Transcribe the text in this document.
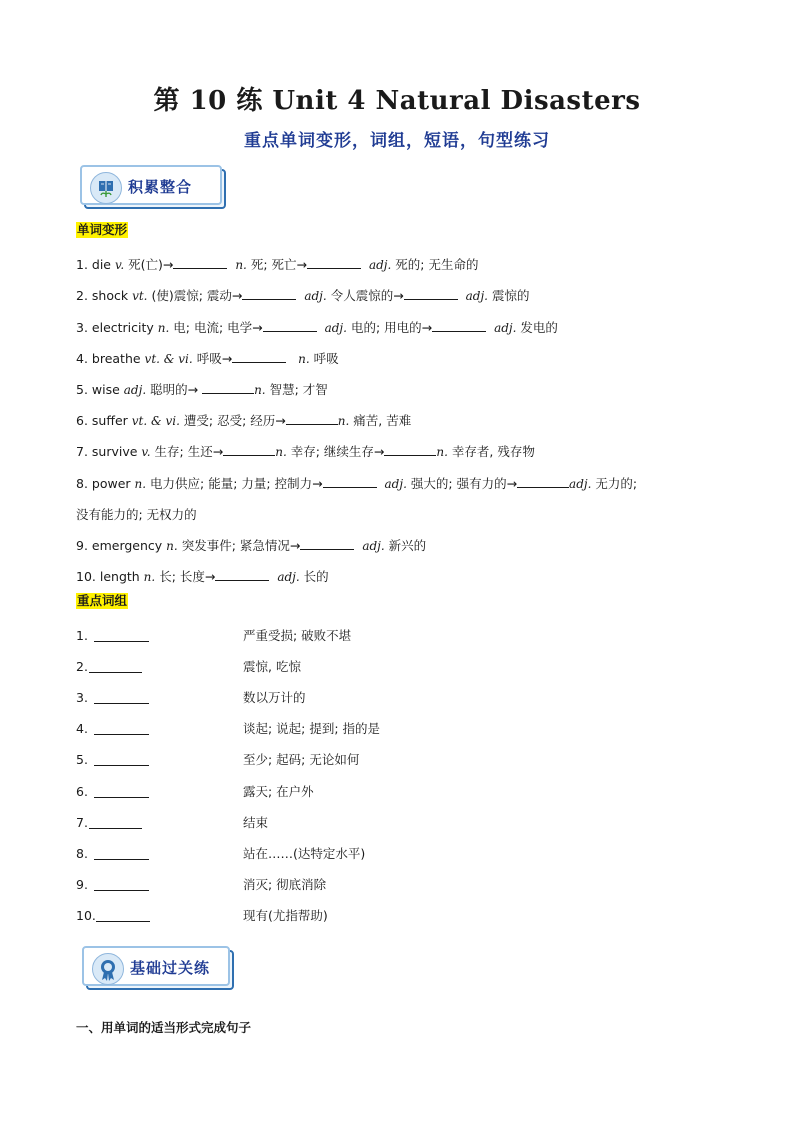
第 10 练 Unit 4 Natural Disasters
重点单词变形，词组，短语，句型练习
积累整合
单词变形
1. die v. 死(亡)→	n. 死; 死亡→	adj. 死的; 无生命的
2. shock vt. (使)震惊; 震动→	adj. 令人震惊的→	adj. 震惊的
3. electricity n. 电; 电流; 电学→	adj. 电的; 用电的→	adj. 发电的
4. breathe vt. & vi. 呼吸→	n. 呼吸
5. wise adj. 聪明的→	n. 智慧; 才智
6. suffer vt. & vi. 遭受; 忍受; 经历→	n. 痛苦, 苦难
7. survive v. 生存; 生还→	n. 幸存; 继续生存→	n. 幸存者, 残存物
8. power n. 电力供应; 能量; 力量; 控制力→	adj. 强大的; 强有力的→	adj. 无力的;
没有能力的; 无权力的
9. emergency n. 突发事件; 紧急情况→	adj. 新兴的
10. length n. 长; 长度→	adj. 长的
重点词组
1.	严重受损; 破败不堪
2.	震惊, 吃惊
3.	数以万计的
4.	谈起; 说起; 提到; 指的是
5.	至少; 起码; 无论如何
6.	露天; 在户外
7.	结束
8.	站在……(达特定水平)
9.	消灭; 彻底消除
10.	现有(尤指帮助)
基础过关练
一、用单词的适当形式完成句子
